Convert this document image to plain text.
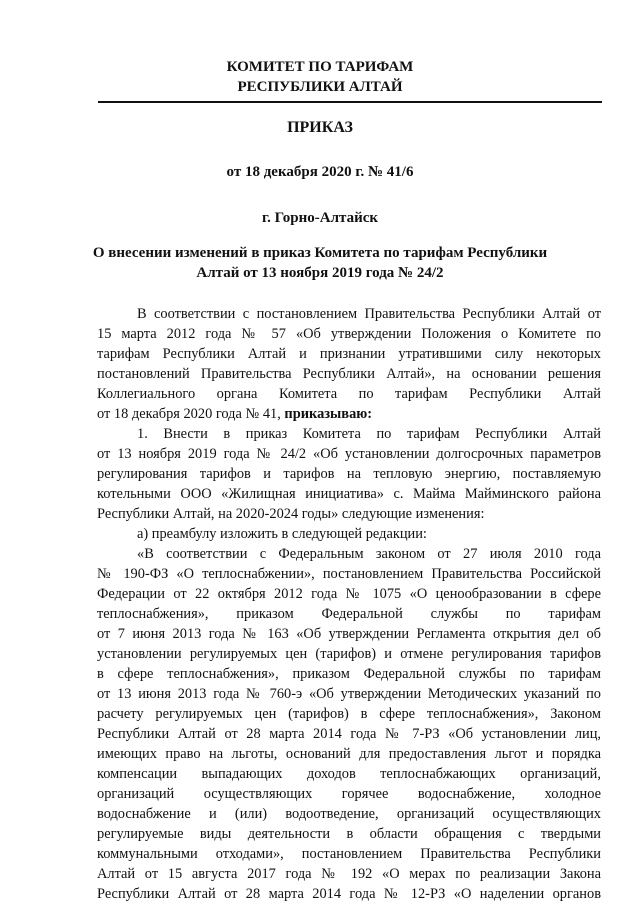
КОМИТЕТ ПО ТАРИФАМ
РЕСПУБЛИКИ АЛТАЙ
ПРИКАЗ
от 18 декабря 2020 г. № 41/6
г. Горно-Алтайск
О внесении изменений в приказ Комитета по тарифам Республики
Алтай от 13 ноября 2019 года № 24/2
В соответствии с постановлением Правительства Республики Алтай от
15 марта 2012 года № 57 «Об утверждении Положения о Комитете по
тарифам Республики Алтай и признании утратившими силу некоторых
постановлений Правительства Республики Алтай», на основании решения
Коллегиального органа Комитета по тарифам Республики Алтай
от 18 декабря 2020 года № 41, приказываю:
1. Внести в приказ Комитета по тарифам Республики Алтай
от 13 ноября 2019 года № 24/2 «Об установлении долгосрочных параметров
регулирования тарифов и тарифов на тепловую энергию, поставляемую
котельными ООО «Жилищная инициатива» с. Майма Майминского района
Республики Алтай, на 2020-2024 годы» следующие изменения:
а) преамбулу изложить в следующей редакции:
«В соответствии с Федеральным законом от 27 июля 2010 года
№ 190-ФЗ «О теплоснабжении», постановлением Правительства Российской
Федерации от 22 октября 2012 года № 1075 «О ценообразовании в сфере
теплоснабжения», приказом Федеральной службы по тарифам
от 7 июня 2013 года № 163 «Об утверждении Регламента открытия дел об
установлении регулируемых цен (тарифов) и отмене регулирования тарифов
в сфере теплоснабжения», приказом Федеральной службы по тарифам
от 13 июня 2013 года № 760-э «Об утверждении Методических указаний по
расчету регулируемых цен (тарифов) в сфере теплоснабжения», Законом
Республики Алтай от 28 марта 2014 года № 7-РЗ «Об установлении лиц,
имеющих право на льготы, оснований для предоставления льгот и порядка
компенсации выпадающих доходов теплоснабжающих организаций,
организаций осуществляющих горячее водоснабжение, холодное
водоснабжение и (или) водоотведение, организаций осуществляющих
регулируемые виды деятельности в области обращения с твердыми
коммунальными отходами», постановлением Правительства Республики
Алтай от 15 августа 2017 года № 192 «О мерах по реализации Закона
Республики Алтай от 28 марта 2014 года № 12-РЗ «О наделении органов
